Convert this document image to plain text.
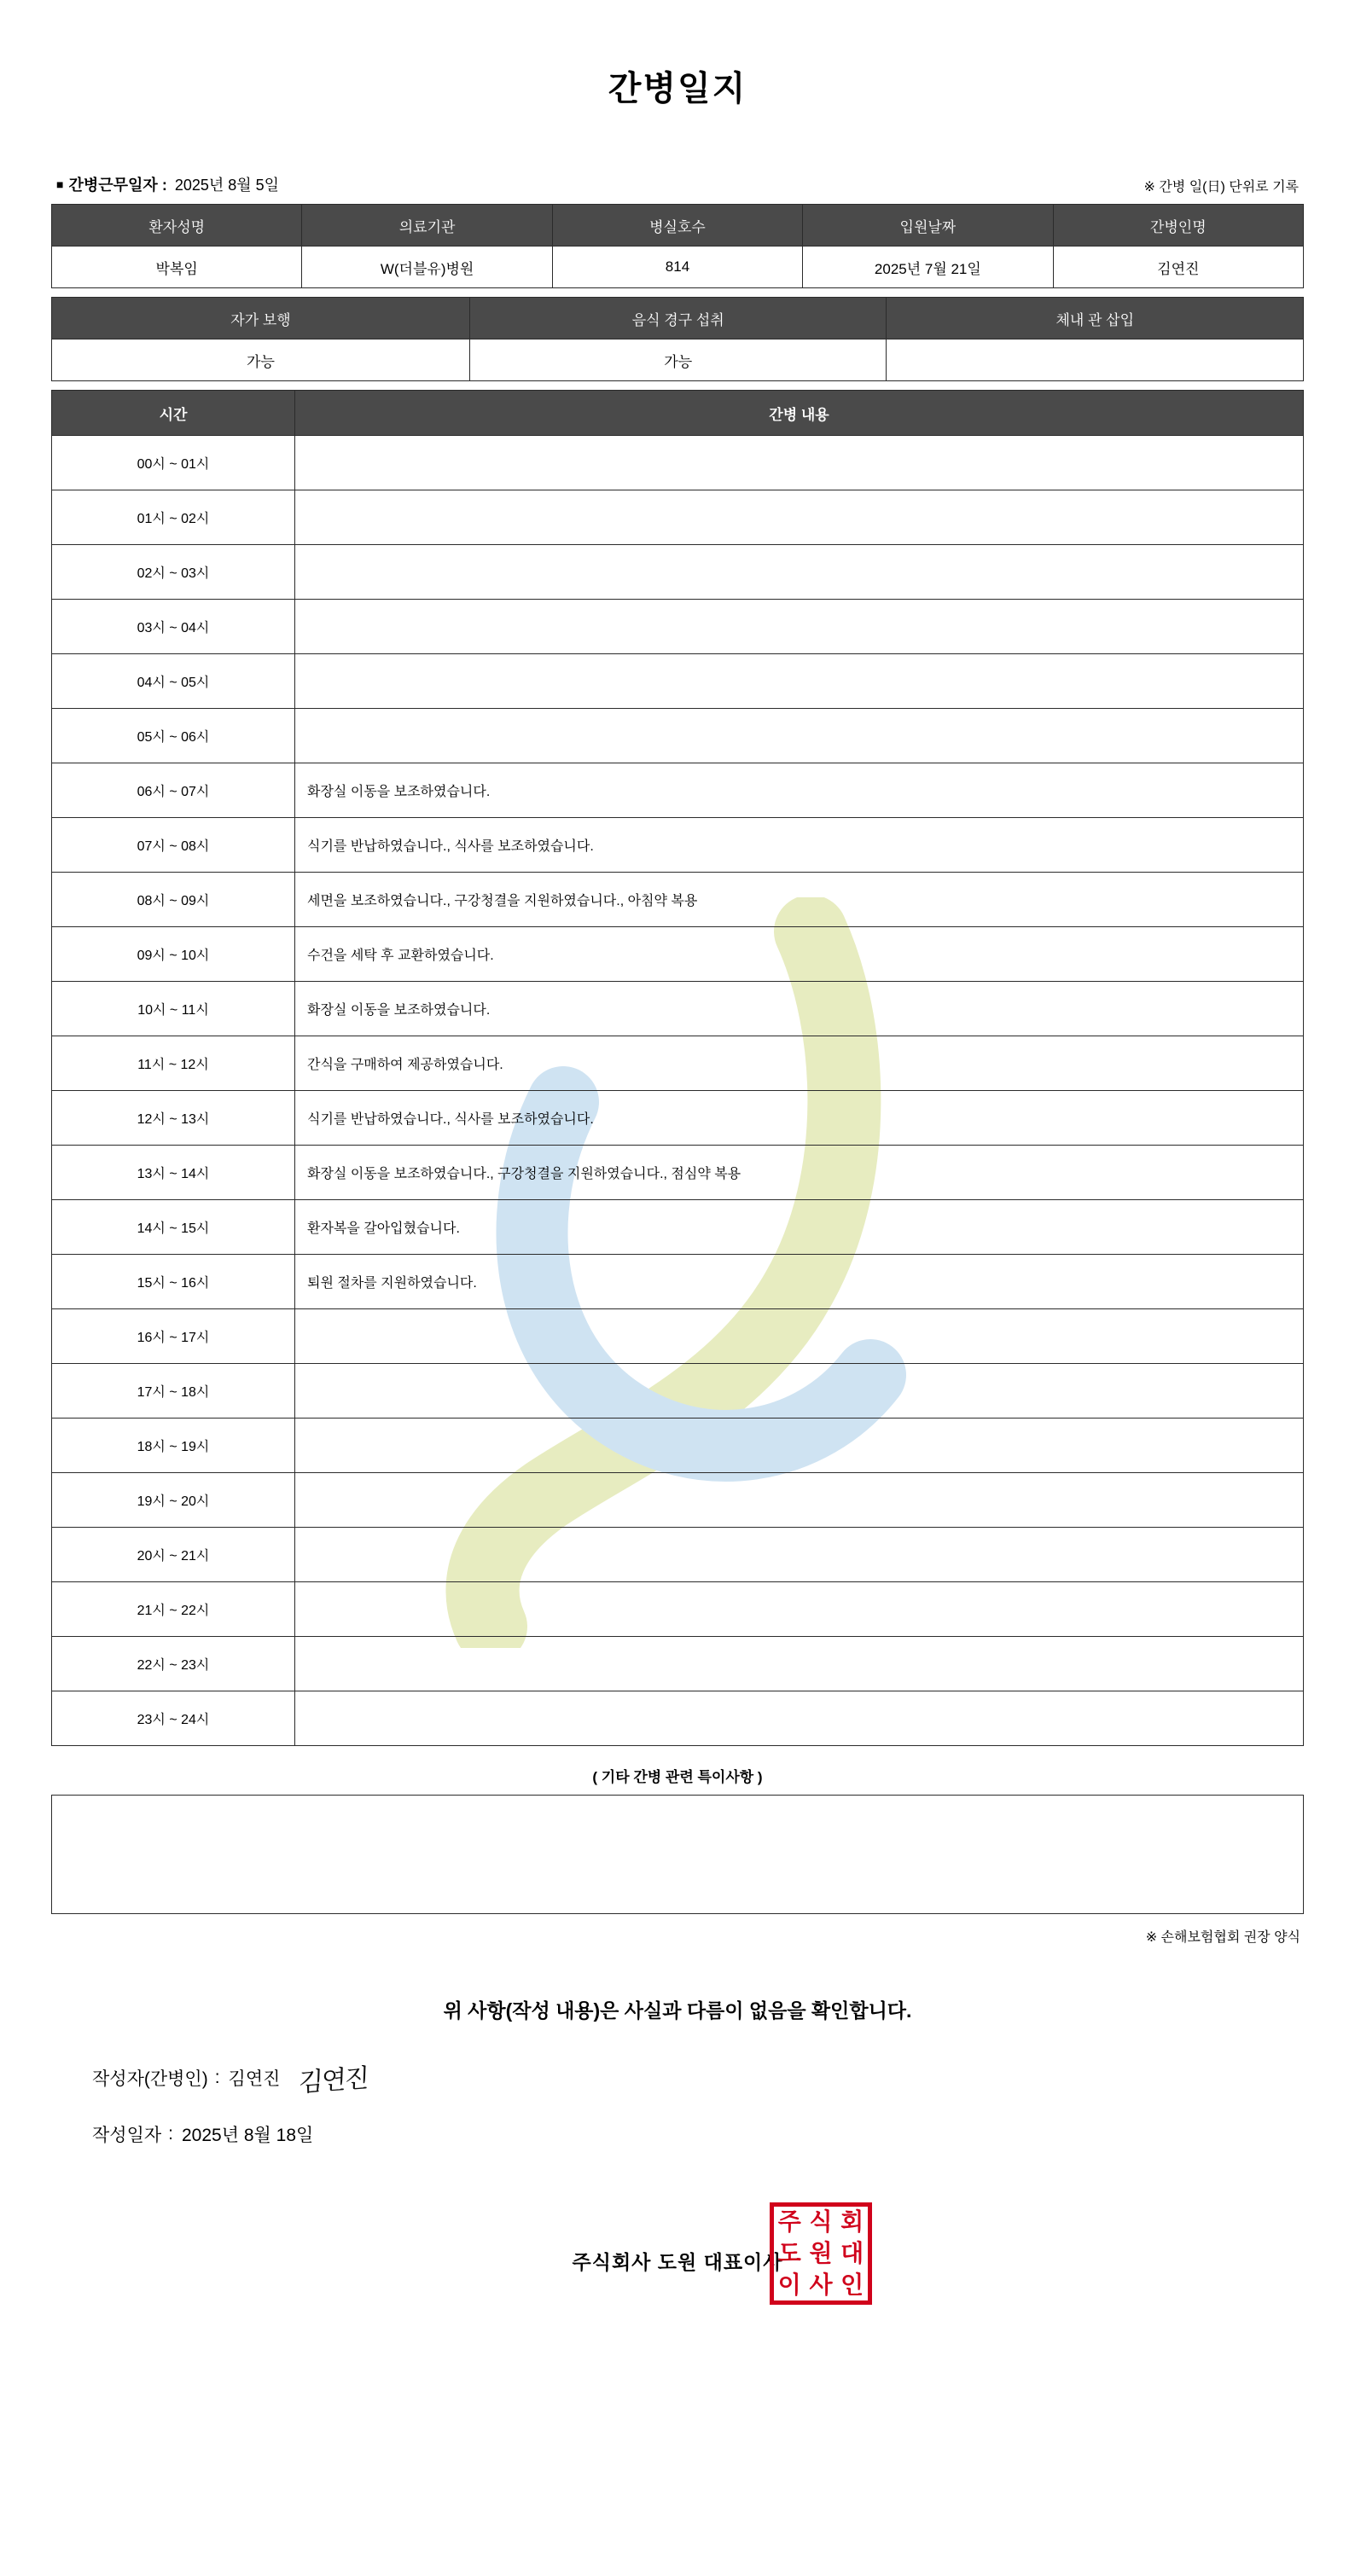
간병일지
■ 간병근무일자 : 2025년 8월 5일	※ 간병 일(日) 단위로 기록
환자성명	의료기관	병실호수	입원날짜	간병인명
박복임	W(더블유)병원	814	2025년 7월 21일	김연진
자가 보행	음식 경구 섭취	체내 관 삽입
가능	가능	
시간	간병 내용
00시 ~ 01시	
01시 ~ 02시	
02시 ~ 03시	
03시 ~ 04시	
04시 ~ 05시	
05시 ~ 06시	
06시 ~ 07시	화장실 이동을 보조하였습니다.
07시 ~ 08시	식기를 반납하였습니다., 식사를 보조하였습니다.
08시 ~ 09시	세면을 보조하였습니다., 구강청결을 지원하였습니다., 아침약 복용
09시 ~ 10시	수건을 세탁 후 교환하였습니다.
10시 ~ 11시	화장실 이동을 보조하였습니다.
11시 ~ 12시	간식을 구매하여 제공하였습니다.
12시 ~ 13시	식기를 반납하였습니다., 식사를 보조하였습니다.
13시 ~ 14시	화장실 이동을 보조하였습니다., 구강청결을 지원하였습니다., 점심약 복용
14시 ~ 15시	환자복을 갈아입혔습니다.
15시 ~ 16시	퇴원 절차를 지원하였습니다.
16시 ~ 17시	
17시 ~ 18시	
18시 ~ 19시	
19시 ~ 20시	
20시 ~ 21시	
21시 ~ 22시	
22시 ~ 23시	
23시 ~ 24시	
( 기타 간병 관련 특이사항 )
※ 손해보험협회 권장 양식
위 사항(작성 내용)은 사실과 다름이 없음을 확인합니다.
작성자(간병인) : 김연진 김연진
작성일자 : 2025년 8월 18일
주식회사 도원 대표이사
주 식 회
도 원 대
이 사 인
